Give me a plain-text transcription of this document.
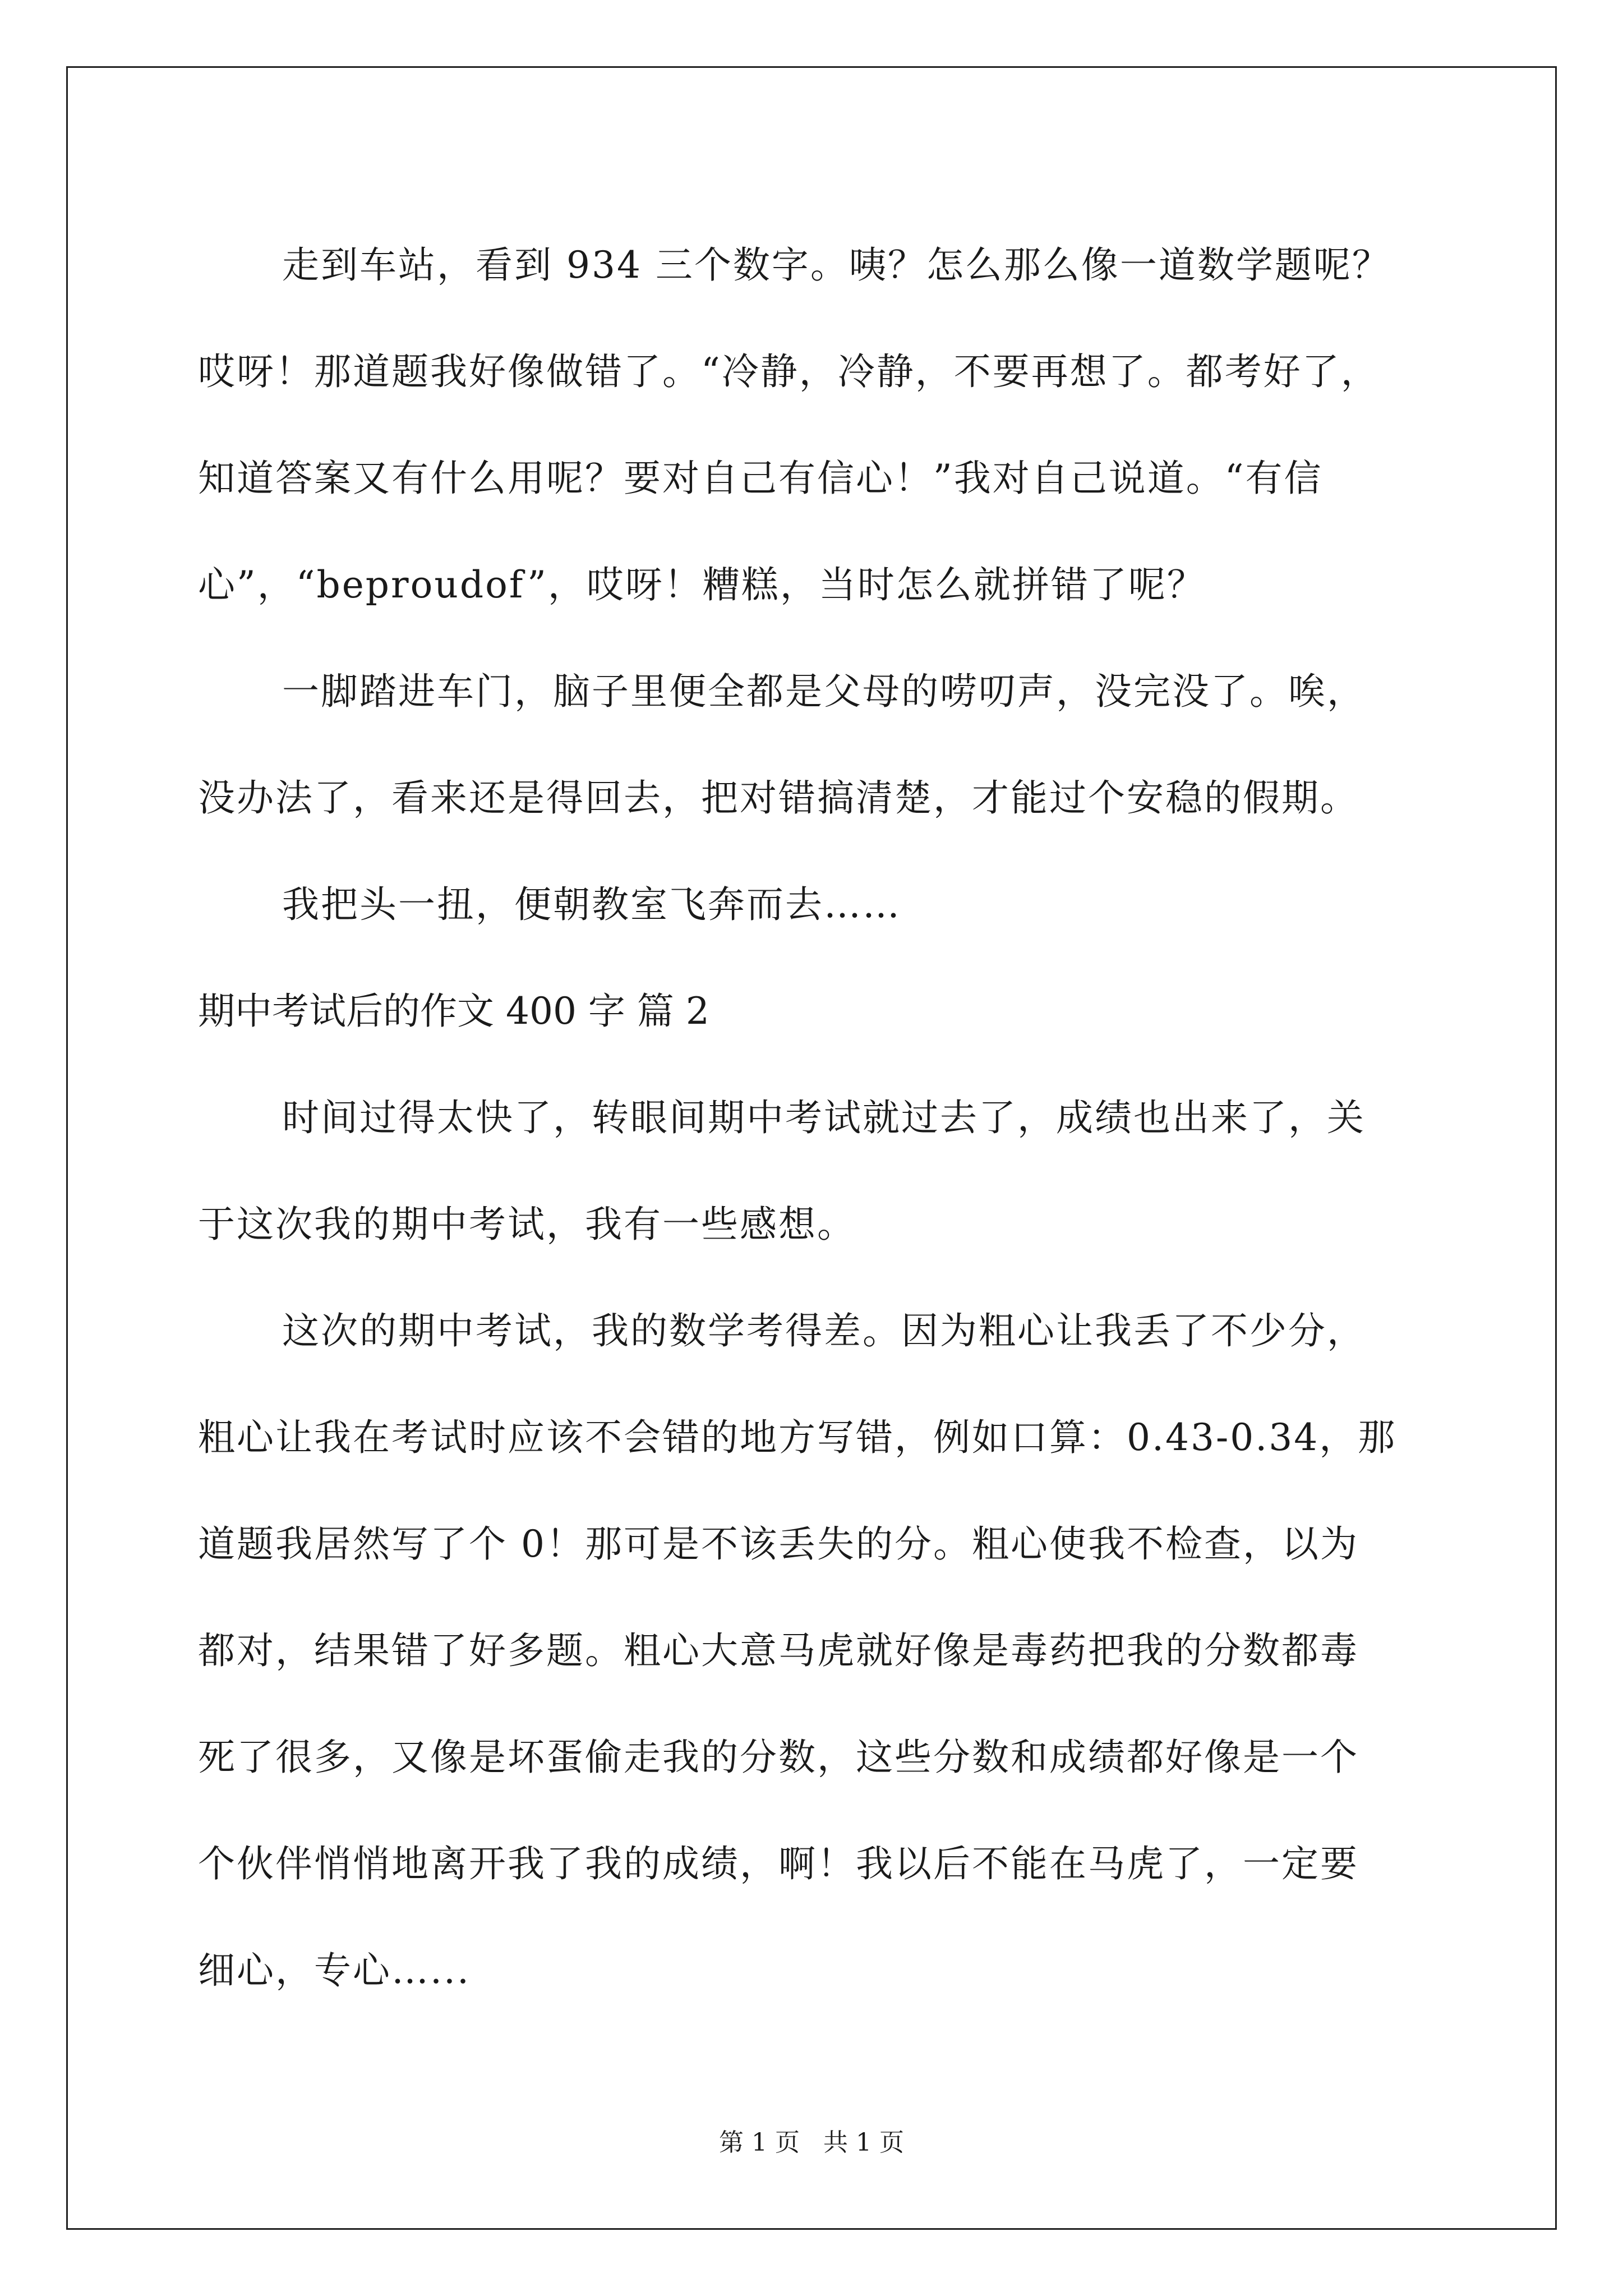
走到车站，看到 934 三个数字。咦？怎么那么像一道数学题呢？
哎呀！那道题我好像做错了。“冷静，冷静，不要再想了。都考好了，
知道答案又有什么用呢？要对自己有信心！”我对自己说道。“有信
心”，“beproudof”，哎呀！糟糕，当时怎么就拼错了呢？
一脚踏进车门，脑子里便全都是父母的唠叨声，没完没了。唉，
没办法了，看来还是得回去，把对错搞清楚，才能过个安稳的假期。
我把头一扭，便朝教室飞奔而去……
期中考试后的作文 400 字 篇 2
时间过得太快了，转眼间期中考试就过去了，成绩也出来了，关
于这次我的期中考试，我有一些感想。
这次的期中考试，我的数学考得差。因为粗心让我丢了不少分，
粗心让我在考试时应该不会错的地方写错，例如口算：0.43-0.34，那
道题我居然写了个 0！那可是不该丢失的分。粗心使我不检查，以为
都对，结果错了好多题。粗心大意马虎就好像是毒药把我的分数都毒
死了很多，又像是坏蛋偷走我的分数，这些分数和成绩都好像是一个
个伙伴悄悄地离开我了我的成绩，啊！我以后不能在马虎了，一定要
细心，专心…...
第 1 页   共 1 页
